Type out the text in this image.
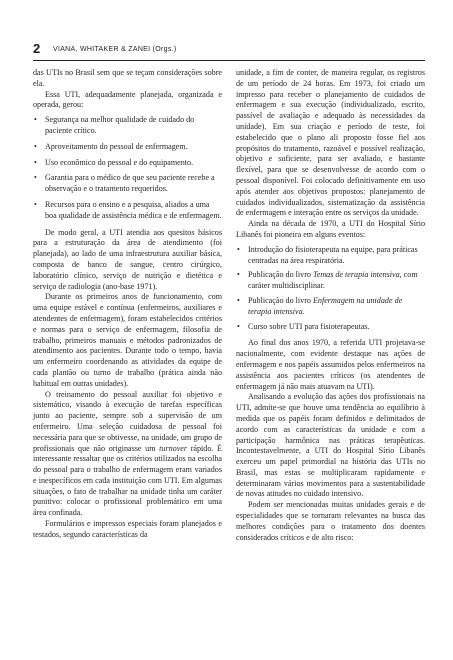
2 VIANA, WHITAKER & ZANEI (Orgs.)

das UTIs no Brasil sem que se teçam considerações sobre ela.

Essa UTI, adequadamente planejada, organizada e operada, gerou:

• Segurança na melhor qualidade de cuidado do paciente crítico.
• Aproveitamento do pessoal de enfermagem.
• Uso econômico do pessoal e do equipamento.
• Garantia para o médico de que seu paciente recebe a observação e o tratamento requeridos.
• Recursos para o ensino e a pesquisa, aliados a uma boa qualidade de assistência médica e de enfermagem.

De modo geral, a UTI atendia aos quesitos básicos para a estruturação da área de atendimento (foi planejada), ao lado de uma infraestrutura auxiliar básica, composta de banco de sangue, centro cirúrgico, laboratório clínico, serviço de nutrição e dietética e serviço de radiologia (ano-base 1971).

Durante os primeiros anos de funcionamento, com uma equipe estável e contínua (enfermeiros, auxiliares e atendentes de enfermagem), foram estabelecidos critérios e normas para o serviço de enfermagem, filosofia de trabalho, primeiros manuais e métodos padronizados de atendimento aos pacientes. Durante todo o tempo, havia um enfermeiro coordenando as atividades da equipe de cada plantão ou turno de trabalho (prática ainda não habitual em outras unidades).

O treinamento do pessoal auxiliar foi objetivo e sistemático, visando à execução de tarefas específicas junto ao paciente, sempre sob a supervisão de um enfermeiro. Uma seleção cuidadosa de pessoal foi necessária para que se obtivesse, na unidade, um grupo de profissionais que não originasse um turnover rápido. É interessante ressaltar que os critérios utilizados na escolha do pessoal para o trabalho de enfermagem eram variados e inespecíficos em cada instituição com UTI. Em algumas situações, o fato de trabalhar na unidade tinha um caráter punitivo: colocar o profissional problemático em uma área confinada.

Formulários e impressos especiais foram planejados e testados, segundo características da

unidade, a fim de conter, de maneira regular, os registros de um período de 24 horas. Em 1973, foi criado um impresso para receber o planejamento de cuidados de enfermagem e sua execução (individualizado, escrito, passível de avaliação e adequado às necessidades da unidade). Em sua criação e período de teste, foi estabelecido que o plano ali proposto fosse fiel aos propósitos do tratamento, razoável e possível realização, objetivo e suficiente, para ser avaliado, e bastante flexível, para que se desenvolvesse de acordo com o pessoal disponível. Foi colocado definitivamente em uso após atender aos objetivos propostos: planejamento de cuidados individualizados, sistematização da assistência de enfermagem e interação entre os serviços da unidade.

Ainda na década de 1970, a UTI do Hospital Sírio Libanês foi pioneira em alguns eventos:

• Introdução do fisioterapeuta na equipe, para práticas centradas na área respiratória.
• Publicação do livro Temas de terapia intensiva, com caráter multidisciplinar.
• Publicação do livro Enfermagem na unidade de terapia intensiva.
• Curso sobre UTI para fisioterapeutas.

Ao final dos anos 1970, a referida UTI projetava-se nacionalmente, com evidente destaque nas ações de enfermagem e nos papéis assumidos pelos enfermeiros na assistência aos pacientes críticos (os atendentes de enfermagem já não mais atuavam na UTI).

Analisando a evolução das ações dos profissionais na UTI, admite-se que houve uma tendência ao equilíbrio à medida que os papéis foram definidos e delimitados de acordo com as características da unidade e com a participação harmônica nas práticas terapêuticas. Incontestavelmente, a UTI do Hospital Sírio Libanês exerceu um papel primordial na história das UTIs no Brasil, mas estas se multiplicaram rapidamente e determinaram vários movimentos para a sustentabilidade de novas atitudes no cuidado intensivo.

Podem ser mencionadas muitas unidades gerais e de especialidades que se tornaram relevantes na busca das melhores condições para o tratamento dos doentes considerados críticos e de alto risco:
